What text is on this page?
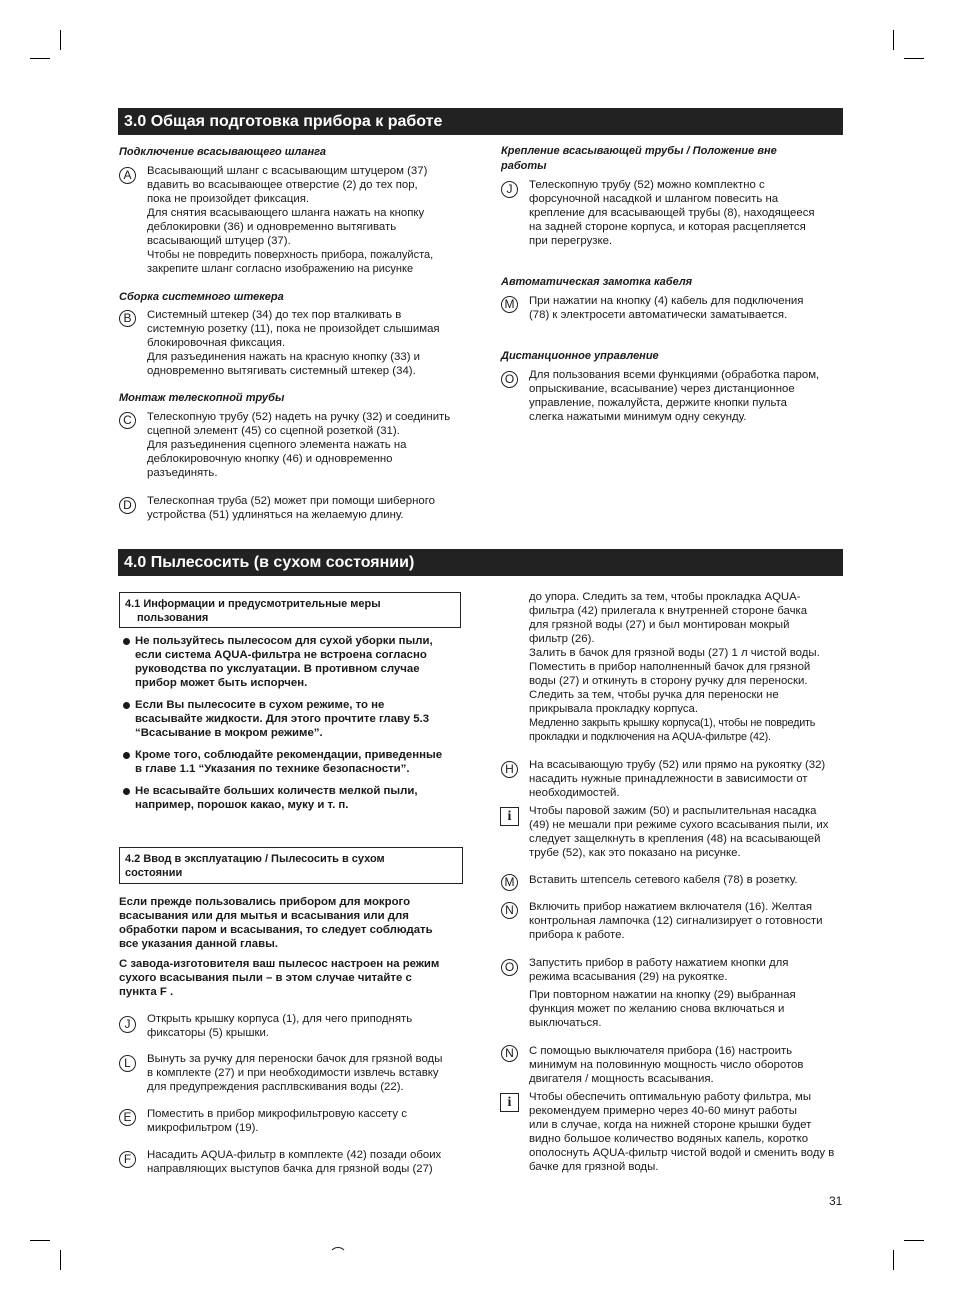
3.0 Общая подготовка прибора к работе
Подключение всасывающего шланга
A	Всасывающий шланг с всасывающим штуцером (37)
вдавить во всасывающее отверстие (2) до тех пор,
пока не произойдет фиксация.
Для снятия всасывающего шланга нажать на кнопку
деблокировки (36) и одновременно вытягивать
всасывающий штуцер (37).
Чтобы не повредить поверхность прибора, пожалуйста,
закрепите шланг согласно изображению на рисунке
Сборка системного штекера
B	Системный штекер (34) до тех пор вталкивать в
системную розетку (11), пока не произойдет слышимая
блокировочная фиксация.
Для разъединения нажать на красную кнопку (33) и
одновременно вытягивать системный штекер (34).
Монтаж телескопной трубы
C	Телескопную трубу (52) надеть на ручку (32) и соединить
сцепной элемент (45) со сцепной розеткой (31).
Для разъединения сцепного элемента нажать на
деблокировочную кнопку (46) и одновременно
разъединять.
D	Телескопная труба (52) может при помощи шиберного
устройства (51) удлиняться на желаемую длину.
Крепление всасывающей трубы / Положение вне
работы
J	Телескопную трубу (52) можно комплектно с
форсуночной насадкой и шлангом повесить на
крепление для всасывающей трубы (8), находящееся
на задней стороне корпуса, и которая расцепляется
при перегрузке.
Автоматическая замотка кабеля
M	При нажатии на кнопку (4) кабель для подключения
(78) к электросети автоматически заматывается.
Дистанционное управление
O	Для пользования всеми функциями (обработка паром,
опрыскивание, всасывание) через дистанционное
управление, пожалуйста, держите кнопки пульта
слегка нажатыми минимум одну секунду.
4.0 Пылесосить (в сухом состоянии)
4.1 Информации и предусмотрительные меры
пользования
Не пользуйтесь пылесосом для сухой уборки пыли,
если система AQUA-фильтра не встроена согласно
руководства по укслуатации. В противном случае
прибор может быть испорчен.
Если Вы пылесосите в сухом режиме, то не
всасывайте жидкости. Для этого прочтите главу 5.3
“Всасывание в мокром режиме”.
Кроме того, соблюдайте рекомендации, приведенные
в главе 1.1 “Указания по технике безопасности”.
Не всасывайте больших количеств мелкой пыли,
например, порошок какао, муку и т. п.
4.2 Ввод в эксплуатацию / Пылесосить в сухом
состоянии
Если прежде пользовались прибором для мокрого
всасывания или для мытья и всасывания или для
обработки паром и всасывания, то следует соблюдать
все указания данной главы.
С завода-изготовителя ваш пылесос настроен на режим
сухого всасывания пыли – в этом случае читайте с
пункта F .
J	Открыть крышку корпуса (1), для чего приподнять
фиксаторы (5) крышки.
L	Вынуть за ручку для переноски бачок для грязной воды
в комплекте (27) и при необходимости извлечь вставку
для предупреждения расплвскивания воды (22).
E	Поместить в прибор микрофильтровую кассету с
микрофильтром (19).
F	Насадить AQUA-фильтр в комплекте (42) позади обоих
направляющих выступов бачка для грязной воды (27)
до упора. Следить за тем, чтобы прокладка AQUA-
фильтра (42) прилегала к внутренней стороне бачка
для грязной воды (27) и был монтирован мокрый
фильтр (26).
Залить в бачок для грязной воды (27) 1 л чистой воды.
Поместить в прибор наполненный бачок для грязной
воды (27) и откинуть в сторону ручку для переноски.
Следить за тем, чтобы ручка для переноски не
прикрывала прокладку корпуса.
Медленно закрыть крышку корпуса(1), чтобы не повредить
прокладки и подключения на AQUA-фильтре (42).
H	На всасывающую трубу (52) или прямо на рукоятку (32)
насадить нужные принадлежности в зависимости от
необходимостей.
i	Чтобы паровой зажим (50) и распылительная насадка
(49) не мешали при режиме сухого всасывания пыли, их
следует защелкнуть в крепления (48) на всасывающей
трубе (52), как это показано на рисунке.
M	Вставить штепсель сетевого кабеля (78) в розетку.
N	Включить прибор нажатием включателя (16). Желтая
контрольная лампочка (12) сигнализирует о готовности
прибора к работе.
O	Запустить прибор в работу нажатием кнопки для
режима всасывания (29) на рукоятке.
При повторном нажатии на кнопку (29) выбранная
функция может по желанию снова включаться и
выключаться.
N	С помощью выключателя прибора (16) настроить
минимум на половинную мощность число оборотов
двигателя / мощность всасывания.
i	Чтобы обеспечить оптимальную работу фильтра, мы
рекомендуем примерно через 40-60 минут работы
или в случае, когда на нижней стороне крышки будет
видно большое количество водяных капель, коротко
ополоснуть AQUA-фильтр чистой водой и сменить воду в
бачке для грязной воды.
31
